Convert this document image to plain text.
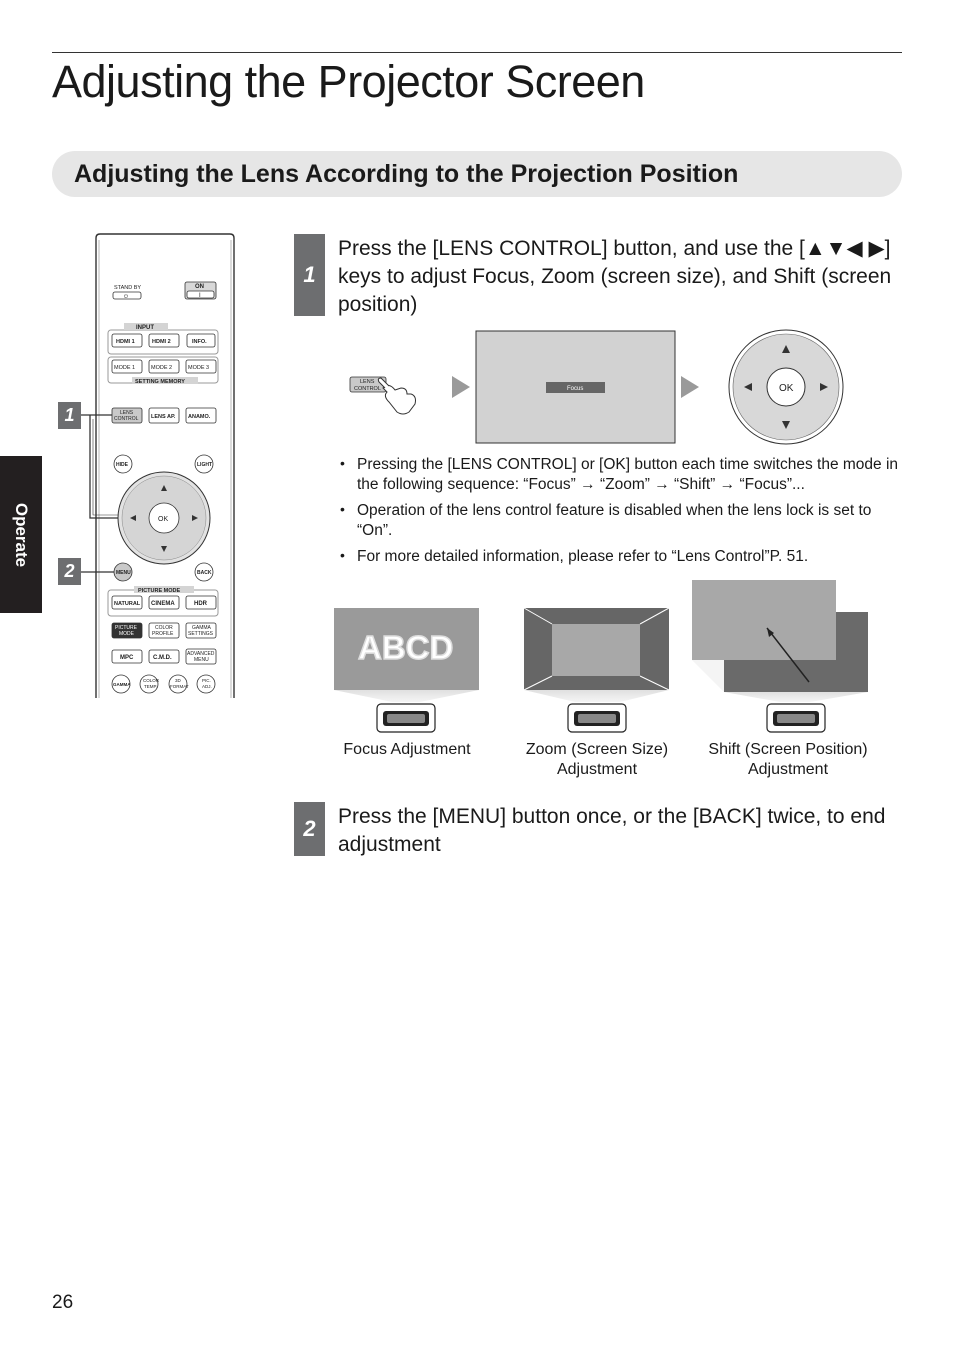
Adjusting the Projector Screen
Adjusting the Lens According to the Projection Position
Operate
STAND BY
⏻
ON
I
INPUT
HDMI 1	HDMI 2	INFO.
MODE 1	MODE 2	MODE 3
SETTING MEMORY
LENS
CONTROL LENS AP. ANAMO.
HIDE	LIGHT
OK
MENU	BACK
PICTURE MODE
NATURAL CINEMA	HDR
PICTURE
MODE
COLOR
PROFILE
GAMMA
SETTINGS
MPC	C.M.D.
ADVANCED
MENU
GAMMA
COLOR
TEMP.
3D
FORMAT
PIC.
ADJ.
1
2
1
Press the [LENS CONTROL] button, and use the [▲▼◀ ▶] keys to adjust Focus, Zoom (screen size), and Shift (screen position)
LENS
CONTROL	Focus	OK
• Pressing the [LENS CONTROL] or [OK] button each time switches the mode in the following sequence: “Focus” → “Zoom” → “Shift” → “Focus”...
• Operation of the lens control feature is disabled when the lens lock is set to “On”.
• For more detailed information, please refer to “Lens Control”P. 51.
ABCD
Focus Adjustment	Zoom (Screen Size)
Adjustment
Shift (Screen Position)
Adjustment
2	Press the [MENU] button once, or the [BACK] twice, to end adjustment
26
